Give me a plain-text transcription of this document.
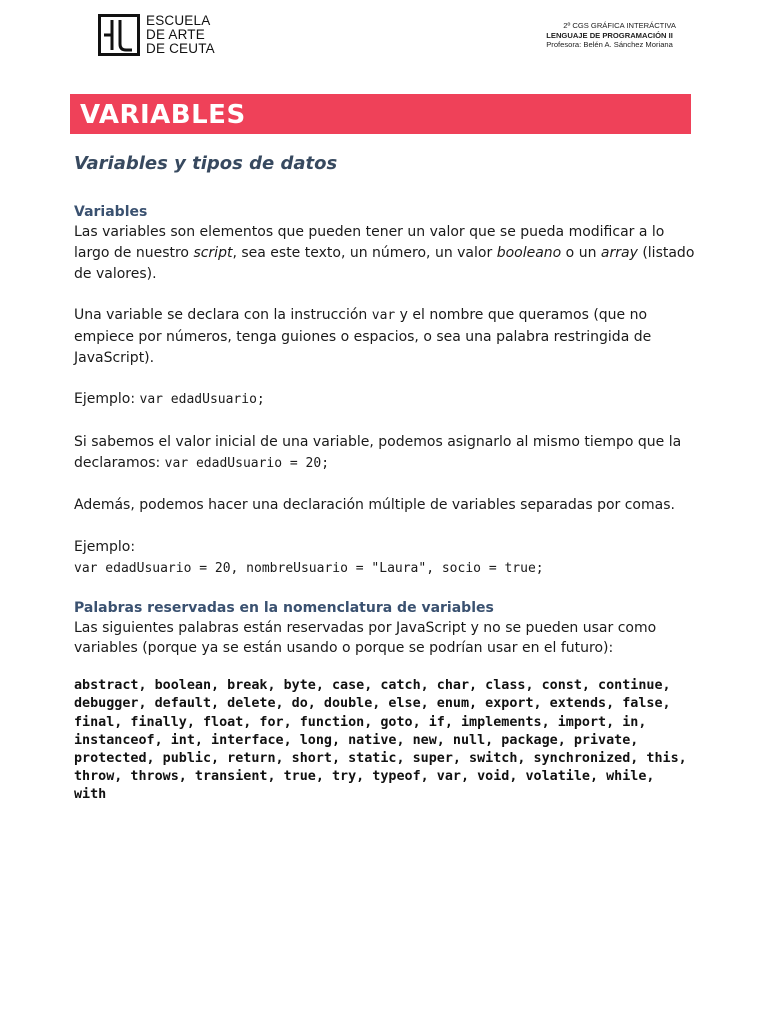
ESCUELA
DE ARTE
DE CEUTA
2º CGS GRÁFICA INTERÁCTIVA
LENGUAJE DE PROGRAMACIÓN II
Profesora: Belén A. Sánchez Moriana
VARIABLES
Variables y tipos de datos
Variables

Las variables son elementos que pueden tener un valor que se pueda modificar a lo largo de nuestro script, sea este texto, un número, un valor booleano o un array (listado de valores).

Una variable se declara con la instrucción var y el nombre que queramos (que no empiece por números, tenga guiones o espacios, o sea una palabra restringida de JavaScript).

Ejemplo: var edadUsuario;

Si sabemos el valor inicial de una variable, podemos asignarlo al mismo tiempo que la declaramos: var edadUsuario = 20;

Además, podemos hacer una declaración múltiple de variables separadas por comas.

Ejemplo:

var edadUsuario = 20, nombreUsuario = "Laura", socio = true;

Palabras reservadas en la nomenclatura de variables

Las siguientes palabras están reservadas por JavaScript y no se pueden usar como variables (porque ya se están usando o porque se podrían usar en el futuro):

abstract, boolean, break, byte, case, catch, char, class, const, continue, debugger, default, delete, do, double, else, enum, export, extends, false, final, finally, float, for, function, goto, if, implements, import, in, instanceof, int, interface, long, native, new, null, package, private, protected, public, return, short, static, super, switch, synchronized, this, throw, throws, transient, true, try, typeof, var, void, volatile, while, with
